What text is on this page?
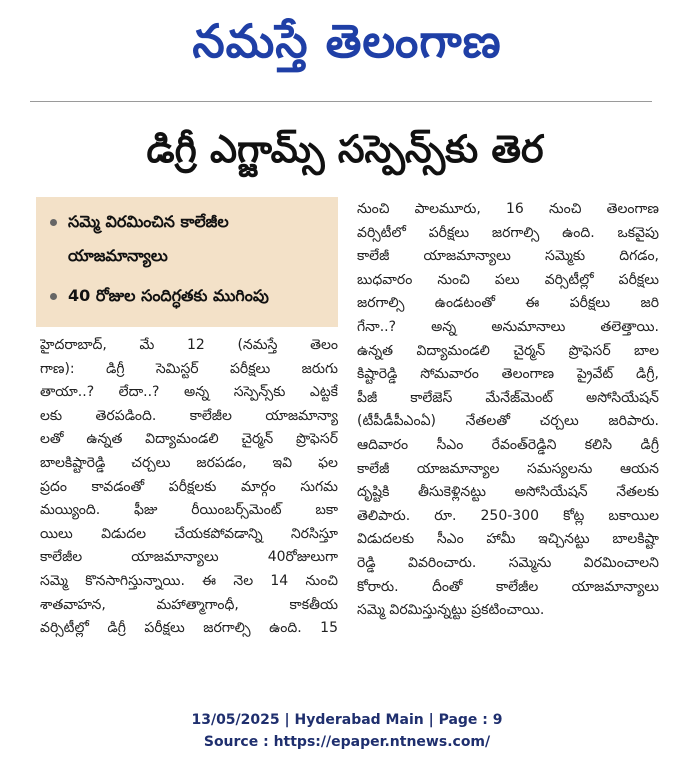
నమస్తే తెలంగాణ
డిగ్రీ ఎగ్జామ్స్ సస్పెన్స్‌కు తెర
సమ్మె విరమించిన కాలేజీల
యాజమాన్యాలు
40 రోజుల సందిగ్ధతకు ముగింపు
హైదరాబాద్, మే 12 (నమస్తే తెలం
గాణ): డిగ్రీ సెమిస్టర్ పరీక్షలు జరుగు
తాయా..? లేదా..? అన్న సస్పెన్స్‌కు ఎట్టకే
లకు తెరపడింది. కాలేజీల యాజమాన్యా
లతో ఉన్నత విద్యామండలి చైర్మన్ ప్రొఫెసర్
బాలకిష్టారెడ్డి చర్చలు జరపడం, ఇవి ఫల
ప్రదం కావడంతో పరీక్షలకు మార్గం సుగమ
మయ్యింది. ఫీజు రీయింబర్స్‌మెంట్ బకా
యిలు విడుదల చేయకపోవడాన్ని నిరసిస్తూ
కాలేజీల యాజమాన్యాలు 40రోజులుగా
సమ్మె కొనసాగిస్తున్నాయి. ఈ నెల 14 నుంచి
శాతవాహన, మహాత్మాగాంధీ, కాకతీయ
వర్సిటీల్లో డిగ్రీ పరీక్షలు జరగాల్సి ఉంది. 15
నుంచి పాలమూరు, 16 నుంచి తెలంగాణ
వర్సిటీలో పరీక్షలు జరగాల్సి ఉంది. ఒకవైపు
కాలేజీ యాజమాన్యాలు సమ్మెకు దిగడం,
బుధవారం నుంచి పలు వర్సిటీల్లో పరీక్షలు
జరగాల్సి ఉండటంతో ఈ పరీక్షలు జరి
గేనా..? అన్న అనుమానాలు తలెత్తాయి.
ఉన్నత విద్యామండలి చైర్మన్ ప్రొఫెసర్ బాల
కిష్టారెడ్డి సోమవారం తెలంగాణ ప్రైవేట్ డిగ్రీ,
పీజీ కాలేజెస్ మేనేజ్‌మెంట్ అసోసియేషన్
(టీపీడీపీఎంఏ) నేతలతో చర్చలు జరిపారు.
ఆదివారం సీఎం రేవంత్‌రెడ్డిని కలిసి డిగ్రీ
కాలేజీ యాజమాన్యాల సమస్యలను ఆయన
దృష్టికి తీసుకెళ్లినట్టు అసోసియేషన్ నేతలకు
తెలిపారు. రూ. 250-300 కోట్ల బకాయిల
విడుదలకు సీఎం హామీ ఇచ్చినట్టు బాలకిష్టా
రెడ్డి వివరించారు. సమ్మెను విరమించాలని
కోరారు. దీంతో కాలేజీల యాజమాన్యాలు
సమ్మె విరమిస్తున్నట్టు ప్రకటించాయి.
13/05/2025 | Hyderabad Main | Page : 9
Source : https://epaper.ntnews.com/
